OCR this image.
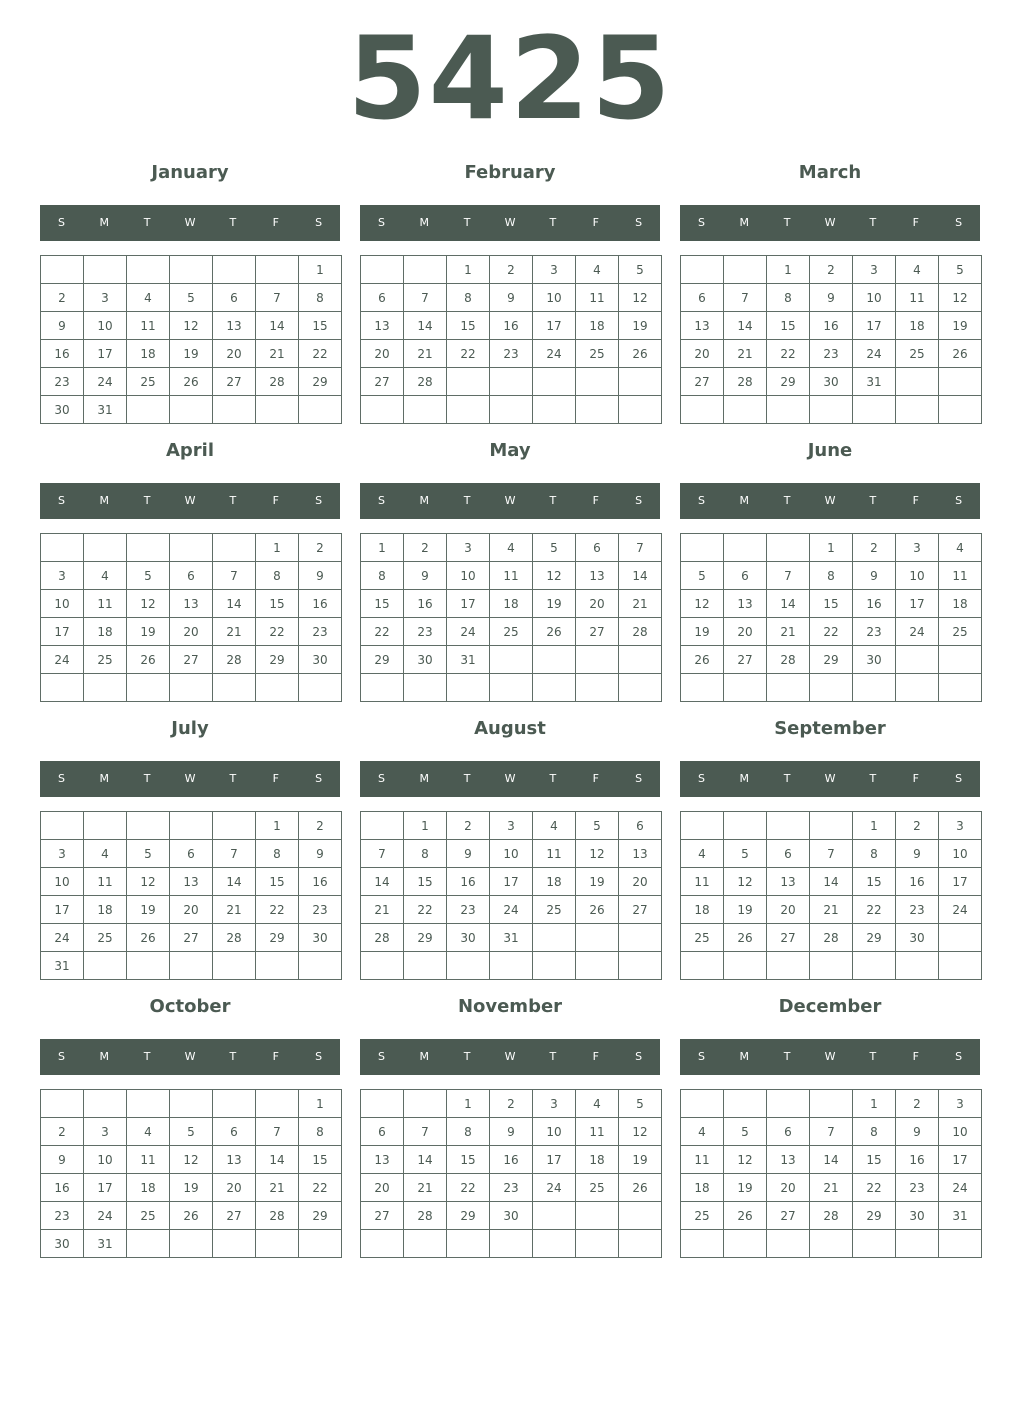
5425
January
S	M	T	W	T	F	S
						1
2	3	4	5	6	7	8
9	10	11	12	13	14	15
16	17	18	19	20	21	22
23	24	25	26	27	28	29
30	31					
February
S	M	T	W	T	F	S
		1	2	3	4	5
6	7	8	9	10	11	12
13	14	15	16	17	18	19
20	21	22	23	24	25	26
27	28					

March
S	M	T	W	T	F	S
		1	2	3	4	5
6	7	8	9	10	11	12
13	14	15	16	17	18	19
20	21	22	23	24	25	26
27	28	29	30	31		

April
S	M	T	W	T	F	S
					1	2
3	4	5	6	7	8	9
10	11	12	13	14	15	16
17	18	19	20	21	22	23
24	25	26	27	28	29	30

May
S	M	T	W	T	F	S
1	2	3	4	5	6	7
8	9	10	11	12	13	14
15	16	17	18	19	20	21
22	23	24	25	26	27	28
29	30	31				

June
S	M	T	W	T	F	S
			1	2	3	4
5	6	7	8	9	10	11
12	13	14	15	16	17	18
19	20	21	22	23	24	25
26	27	28	29	30		

July
S	M	T	W	T	F	S
					1	2
3	4	5	6	7	8	9
10	11	12	13	14	15	16
17	18	19	20	21	22	23
24	25	26	27	28	29	30
31						
August
S	M	T	W	T	F	S
	1	2	3	4	5	6
7	8	9	10	11	12	13
14	15	16	17	18	19	20
21	22	23	24	25	26	27
28	29	30	31			

September
S	M	T	W	T	F	S
				1	2	3
4	5	6	7	8	9	10
11	12	13	14	15	16	17
18	19	20	21	22	23	24
25	26	27	28	29	30	

October
S	M	T	W	T	F	S
						1
2	3	4	5	6	7	8
9	10	11	12	13	14	15
16	17	18	19	20	21	22
23	24	25	26	27	28	29
30	31					
November
S	M	T	W	T	F	S
		1	2	3	4	5
6	7	8	9	10	11	12
13	14	15	16	17	18	19
20	21	22	23	24	25	26
27	28	29	30			

December
S	M	T	W	T	F	S
				1	2	3
4	5	6	7	8	9	10
11	12	13	14	15	16	17
18	19	20	21	22	23	24
25	26	27	28	29	30	31
